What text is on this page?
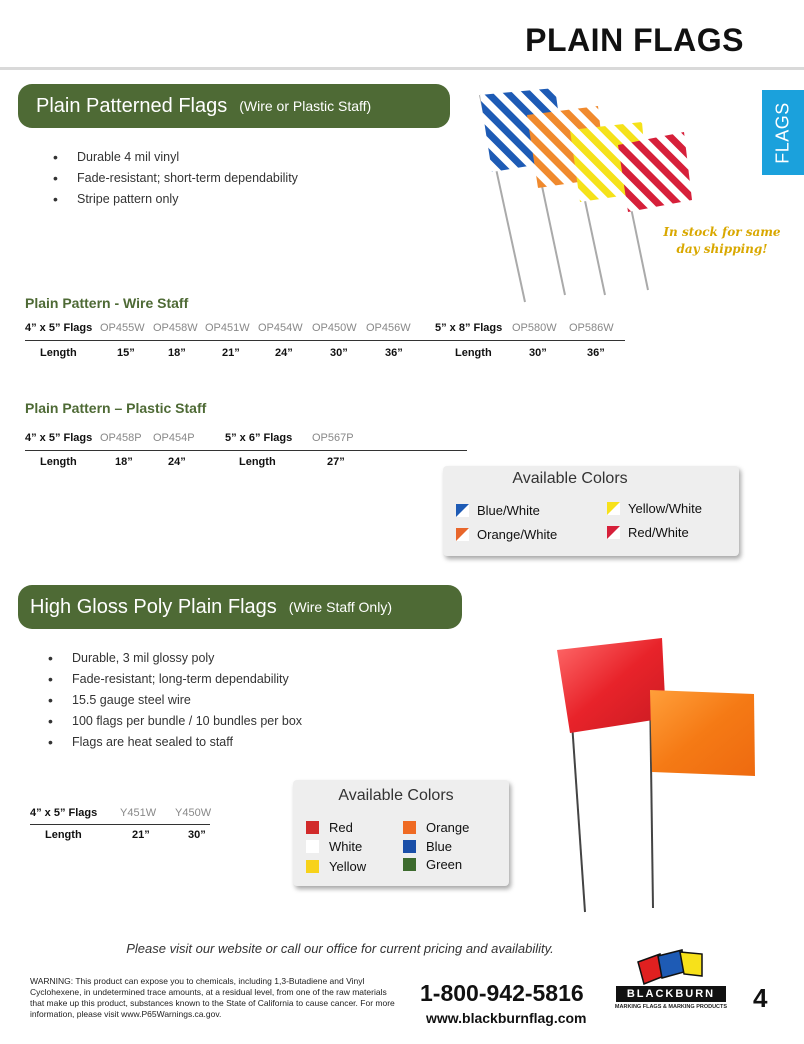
PLAIN FLAGS
FLAGS
Plain Patterned Flags (Wire or Plastic Staff)
• Durable 4 mil vinyl
• Fade-resistant; short-term dependability
• Stripe pattern only
In stock for same
day shipping!
Plain Pattern - Wire Staff
4” x 5” Flags OP455W OP458W OP451W OP454W OP450W OP456W 5” x 8” Flags OP580W OP586W
Length	15”	18”	21”	24”	30”	36”	Length	30”	36”
Plain Pattern – Plastic Staff
4” x 5” Flags OP458P OP454P	5” x 6” Flags OP567P
Length	18”	24”	Length	27”
Available Colors
Blue/White	Yellow/White
Orange/White	Red/White
High Gloss Poly Plain Flags (Wire Staff Only)
• Durable, 3 mil glossy poly
• Fade-resistant; long-term dependability
• 15.5 gauge steel wire
• 100 flags per bundle / 10 bundles per box
• Flags are heat sealed to staff
4” x 5” Flags Y451W Y450W
Length	21”	30”
Available Colors
Red	Orange
White	Blue
Yellow	Green
Please visit our website or call our office for current pricing and availability.
WARNING: This product can expose you to chemicals, including 1,3-Butadiene and Vinyl Cyclohexene, in undetermined trace amounts, at a residual level, from one of the raw materials that make up this product, substances known to the State of California to cause cancer. For more information, please visit www.P65Warnings.ca.gov.
1-800-942-5816
www.blackburnflag.com
BLACKBURN
MARKING FLAGS & MARKING PRODUCTS 4
